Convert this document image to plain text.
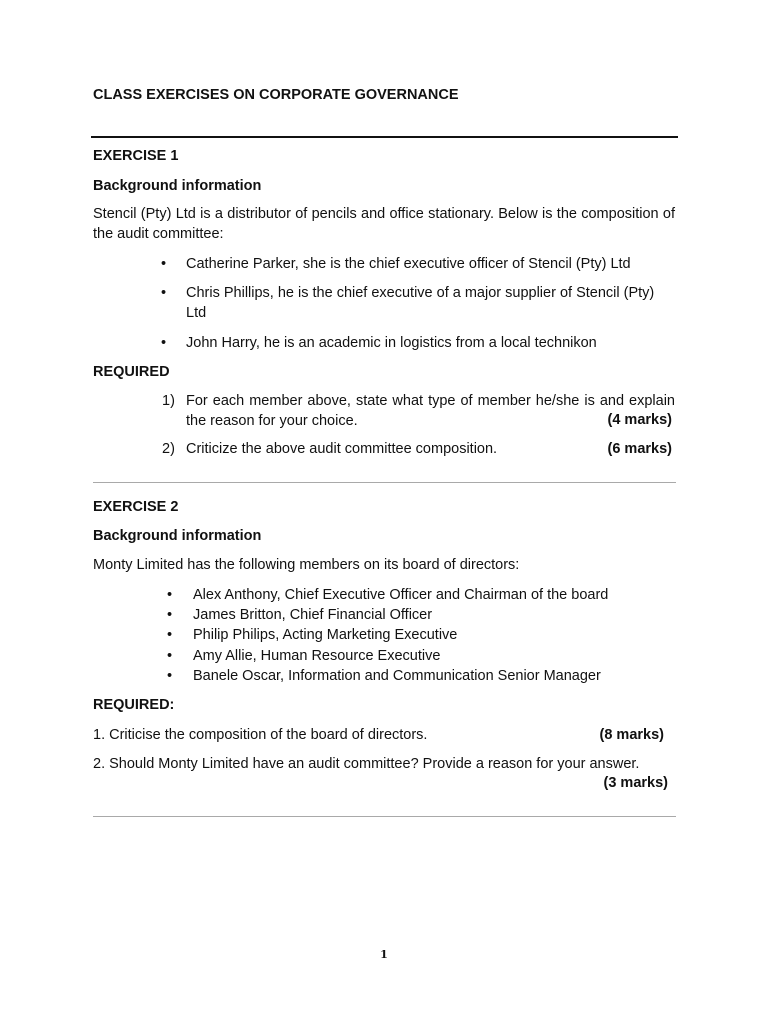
CLASS EXERCISES ON CORPORATE GOVERNANCE
EXERCISE 1
Background information
Stencil (Pty) Ltd is a distributor of pencils and office stationary. Below is the composition of the audit committee:
• Catherine Parker, she is the chief executive officer of Stencil (Pty) Ltd
• Chris Phillips, he is the chief executive of a major supplier of Stencil (Pty) Ltd
• John Harry, he is an academic in logistics from a local technikon
REQUIRED
1) For each member above, state what type of member he/she is and explain the reason for your choice.	(4 marks)
2) Criticize the above audit committee composition.	(6 marks)
EXERCISE 2
Background information
Monty Limited has the following members on its board of directors:
• Alex Anthony, Chief Executive Officer and Chairman of the board
• James Britton, Chief Financial Officer
• Philip Philips, Acting Marketing Executive
• Amy Allie, Human Resource Executive
• Banele Oscar, Information and Communication Senior Manager
REQUIRED:
1. Criticise the composition of the board of directors.	(8 marks)
2. Should Monty Limited have an audit committee? Provide a reason for your answer.
(3 marks)
1
